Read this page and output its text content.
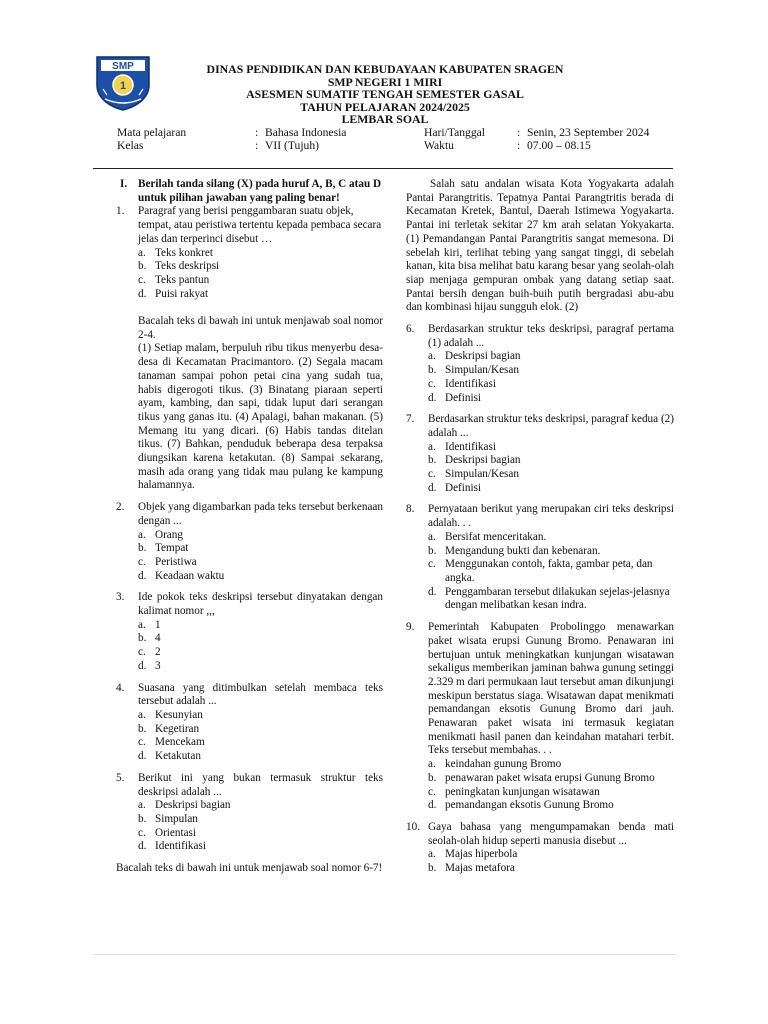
SMP
1
DINAS PENDIDIKAN DAN KEBUDAYAAN KABUPATEN SRAGEN
SMP NEGERI 1 MIRI
ASESMEN SUMATIF TENGAH SEMESTER GASAL
TAHUN PELAJARAN 2024/2025
LEMBAR SOAL
Mata pelajaran	: Bahasa Indonesia	Hari/Tanggal	: Senin, 23 September 2024
Kelas	: VII (Tujuh)	Waktu	: 07.00 – 08.15
I. Berilah tanda silang (X) pada huruf A, B, C atau D untuk pilihan jawaban yang paling benar!
1.	Paragraf yang berisi penggambaran suatu objek, tempat, atau peristiwa tertentu kepada pembaca secara jelas dan terperinci disebut …
a. Teks konkret
b. Teks deskripsi
c. Teks pantun
d. Puisi rakyat
Bacalah teks di bawah ini untuk menjawab soal nomor 2-4.
(1) Setiap malam, berpuluh ribu tikus menyerbu desa-desa di Kecamatan Pracimantoro. (2) Segala macam tanaman sampai pohon petai cina yang sudah tua, habis digerogoti tikus. (3) Binatang piaraan seperti ayam, kambing, dan sapi, tidak luput dari serangan tikus yang ganas itu. (4) Apalagi, bahan makanan. (5) Memang itu yang dicari. (6) Habis tandas ditelan tikus. (7) Bahkan, penduduk beberapa desa terpaksa diungsikan karena ketakutan. (8) Sampai sekarang, masih ada orang yang tidak mau pulang ke kampung halamannya.
2.	Objek yang digambarkan pada teks tersebut berkenaan dengan ...
a. Orang
b. Tempat
c. Peristiwa
d. Keadaan waktu
3.	Ide pokok teks deskripsi tersebut dinyatakan dengan kalimat nomor ,,,
a. 1
b. 4
c. 2
d. 3
4.	Suasana yang ditimbulkan setelah membaca teks tersebut adalah ...
a. Kesunyian
b. Kegetiran
c. Mencekam
d. Ketakutan
5.	Berikut ini yang bukan termasuk struktur teks deskripsi adalah ...
a. Deskripsi bagian
b. Simpulan
c. Orientasi
d. Identifikasi
Bacalah teks di bawah ini untuk menjawab soal nomor 6-7!
Salah satu andalan wisata Kota Yogyakarta adalah Pantai Parangtritis. Tepatnya Pantai Parangtritis berada di Kecamatan Kretek, Bantul, Daerah Istimewa Yogyakarta. Pantai ini terletak sekitar 27 km arah selatan Yokyakarta. (1) Pemandangan Pantai Parangtritis sangat memesona. Di sebelah kiri, terlihat tebing yang sangat tinggi, di sebelah kanan, kita bisa melihat batu karang besar yang seolah-olah siap menjaga gempuran ombak yang datang setiap saat. Pantai bersih dengan buih-buih putih bergradasi abu-abu dan kombinasi hijau sungguh elok. (2)
6.	Berdasarkan struktur teks deskripsi, paragraf pertama (1) adalah ...
a. Deskripsi bagian
b. Simpulan/Kesan
c. Identifikasi
d. Definisi
7.	Berdasarkan struktur teks deskripsi, paragraf kedua (2) adalah ...
a. Identifikasi
b. Deskripsi bagian
c. Simpulan/Kesan
d. Definisi
8.	Pernyataan berikut yang merupakan ciri teks deskripsi adalah. . .
a. Bersifat menceritakan.
b. Mengandung bukti dan kebenaran.
c. Menggunakan contoh, fakta, gambar peta, dan angka.
d. Penggambaran tersebut dilakukan sejelas-jelasnya dengan melibatkan kesan indra.
9.	Pemerintah Kabupaten Probolinggo menawarkan paket wisata erupsi Gunung Bromo. Penawaran ini bertujuan untuk meningkatkan kunjungan wisatawan sekaligus memberikan jaminan bahwa gunung setinggi 2.329 m dari permukaan laut tersebut aman dikunjungi meskipun berstatus siaga. Wisatawan dapat menikmati pemandangan eksotis Gunung Bromo dari jauh. Penawaran paket wisata ini termasuk kegiatan menikmati hasil panen dan keindahan matahari terbit. Teks tersebut membahas. . .
a. keindahan gunung Bromo
b. penawaran paket wisata erupsi Gunung Bromo
c. peningkatan kunjungan wisatawan
d. pemandangan eksotis Gunung Bromo
10. Gaya bahasa yang mengumpamakan benda mati seolah-olah hidup seperti manusia disebut ...
a. Majas hiperbola
b. Majas metafora
